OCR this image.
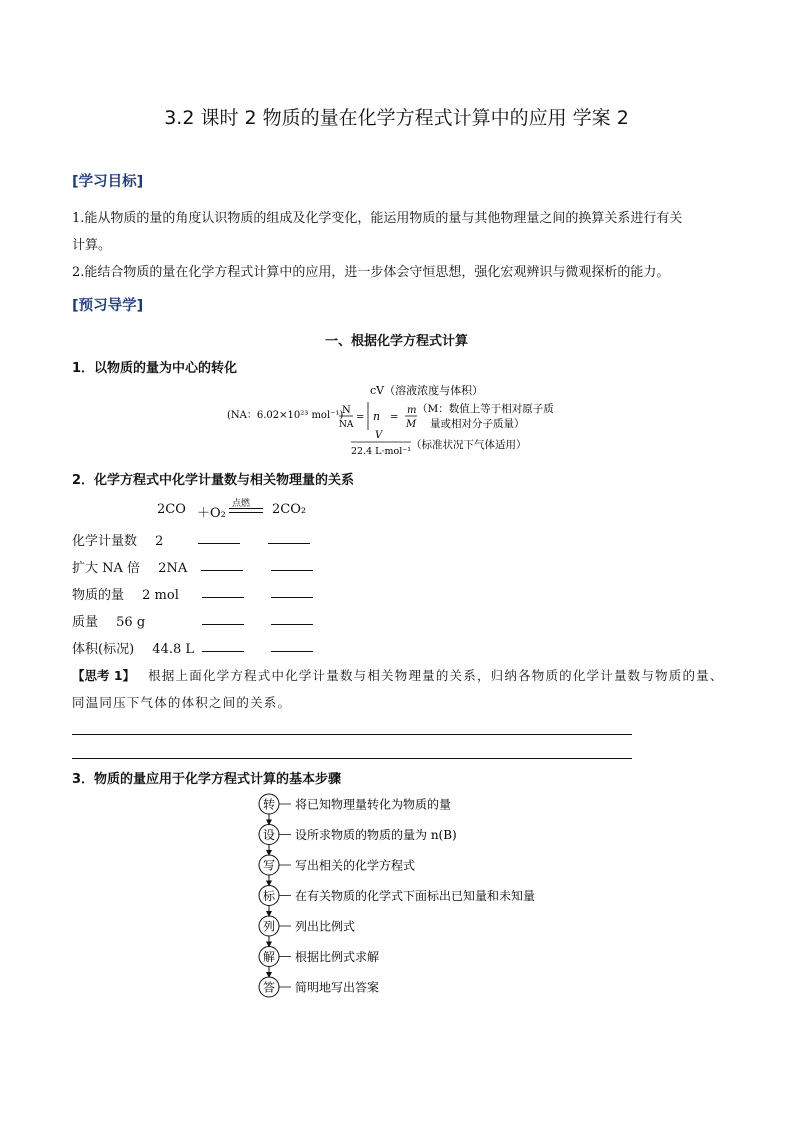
3.2 课时 2 物质的量在化学方程式计算中的应用 学案 2
[学习目标]
1.能从物质的量的角度认识物质的组成及化学变化，能运用物质的量与其他物理量之间的换算关系进行有关
计算。
2.能结合物质的量在化学方程式计算中的应用，进一步体会守恒思想，强化宏观辨识与微观探析的能力。
[预习导学]
一、根据化学方程式计算
1．以物质的量为中心的转化
cV（溶液浓度与体积）
(NA：6.02×10²³ mol⁻¹)
N
NA
= n =
m
M
（M：数值上等于相对原子质
量或相对分子质量）
V
22.4 L·mol⁻¹
（标准状况下气体适用）
2．化学方程式中化学计量数与相关物理量的关系
2CO ＋O₂
点燃 2CO₂
化学计量数 2
扩大 NA 倍 2NA
物质的量 2 mol
质量 56 g
体积(标况) 44.8 L
【思考 1】 根据上面化学方程式中化学计量数与相关物理量的关系，归纳各物质的化学计量数与物质的量、
同温同压下气体的体积之间的关系。
3．物质的量应用于化学方程式计算的基本步骤
转 将已知物理量转化为物质的量
设 设所求物质的物质的量为 n(B)
写 写出相关的化学方程式
标 在有关物质的化学式下面标出已知量和未知量
列 列出比例式
解 根据比例式求解
答 简明地写出答案
